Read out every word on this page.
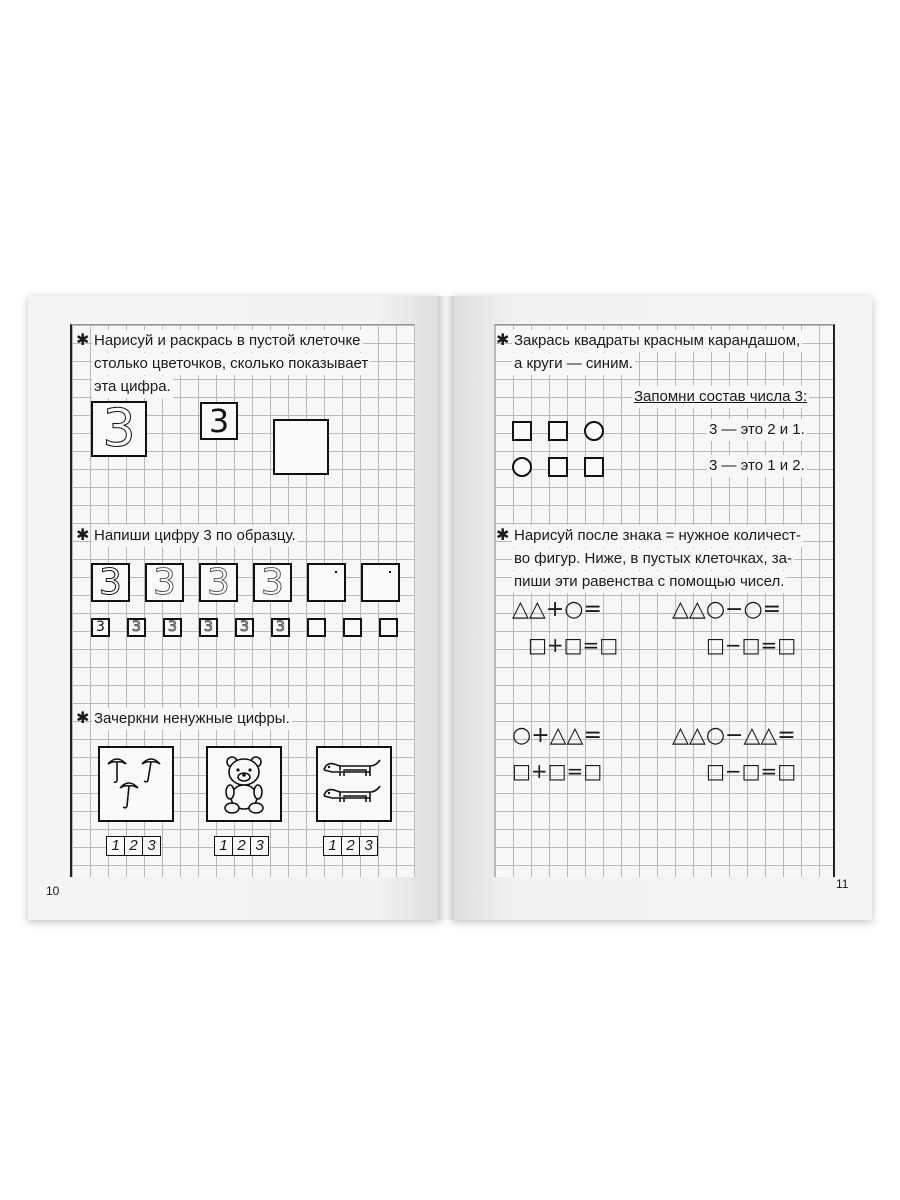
✱ Нарисуй и раскрась в пустой клеточке
столько цветочков, сколько показывает
эта цифра.
3 3
✱ Напиши цифру 3 по образцу.
3 3 3 3
3 3 3 3 3 3
✱ Зачеркни ненужные цифры.
1 2 3	1 2 3	1 2 3
10
✱ Закрась квадраты красным карандашом,
а круги — синим.
Запомни состав числа 3:
3 — это 2 и 1.
3 — это 1 и 2.
✱ Нарисуй после знака = нужное количест-
во фигур. Ниже, в пустых клеточках, за-
пиши эти равенства с помощью чисел.
△△+○=	△△○−○=
□+□=□	□−□=□
○+△△=	△△○−△△=
□+□=□	□−□=□
11
